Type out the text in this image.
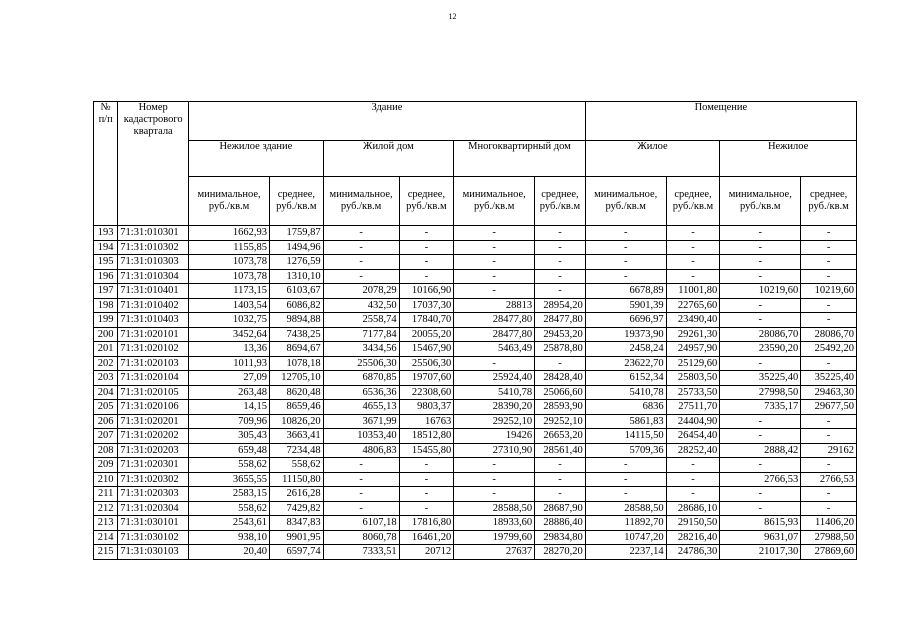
12
№ п/п	Номер кадастрового квартала	Здание						Помещение			
		Нежилое здание		Жилой дом		Многоквартирный дом		Жилое		Нежилое	
		минимальное, руб./кв.м	среднее, руб./кв.м	минимальное, руб./кв.м	среднее, руб./кв.м	минимальное, руб./кв.м	среднее, руб./кв.м	минимальное, руб./кв.м	среднее, руб./кв.м	минимальное, руб./кв.м	среднее, руб./кв.м
193	71:31:010301	1662,93	1759,87	-	-	-	-	-	-	-	-
194	71:31:010302	1155,85	1494,96	-	-	-	-	-	-	-	-
195	71:31:010303	1073,78	1276,59	-	-	-	-	-	-	-	-
196	71:31:010304	1073,78	1310,10	-	-	-	-	-	-	-	-
197	71:31:010401	1173,15	6103,67	2078,29	10166,90	-	-	6678,89	11001,80	10219,60	10219,60
198	71:31:010402	1403,54	6086,82	432,50	17037,30	28813	28954,20	5901,39	22765,60	-	-
199	71:31:010403	1032,75	9894,88	2558,74	17840,70	28477,80	28477,80	6696,97	23490,40	-	-
200	71:31:020101	3452,64	7438,25	7177,84	20055,20	28477,80	29453,20	19373,90	29261,30	28086,70	28086,70
201	71:31:020102	13,36	8694,67	3434,56	15467,90	5463,49	25878,80	2458,24	24957,90	23590,20	25492,20
202	71:31:020103	1011,93	1078,18	25506,30	25506,30	-	-	23622,70	25129,60	-	-
203	71:31:020104	27,09	12705,10	6870,85	19707,60	25924,40	28428,40	6152,34	25803,50	35225,40	35225,40
204	71:31:020105	263,48	8620,48	6536,36	22308,60	5410,78	25066,60	5410,78	25733,50	27998,50	29463,30
205	71:31:020106	14,15	8659,46	4655,13	9803,37	28390,20	28593,90	6836	27511,70	7335,17	29677,50
206	71:31:020201	709,96	10826,20	3671,99	16763	29252,10	29252,10	5861,83	24404,90	-	-
207	71:31:020202	305,43	3663,41	10353,40	18512,80	19426	26653,20	14115,50	26454,40	-	-
208	71:31:020203	659,48	7234,48	4806,83	15455,80	27310,90	28561,40	5709,36	28252,40	2888,42	29162
209	71:31:020301	558,62	558,62	-	-	-	-	-	-	-	-
210	71:31:020302	3655,55	11150,80	-	-	-	-	-	-	2766,53	2766,53
211	71:31:020303	2583,15	2616,28	-	-	-	-	-	-	-	-
212	71:31:020304	558,62	7429,82	-	-	28588,50	28687,90	28588,50	28686,10	-	-
213	71:31:030101	2543,61	8347,83	6107,18	17816,80	18933,60	28886,40	11892,70	29150,50	8615,93	11406,20
214	71:31:030102	938,10	9901,95	8060,78	16461,20	19799,60	29834,80	10747,20	28216,40	9631,07	27988,50
215	71:31:030103	20,40	6597,74	7333,51	20712	27637	28270,20	2237,14	24786,30	21017,30	27869,60
